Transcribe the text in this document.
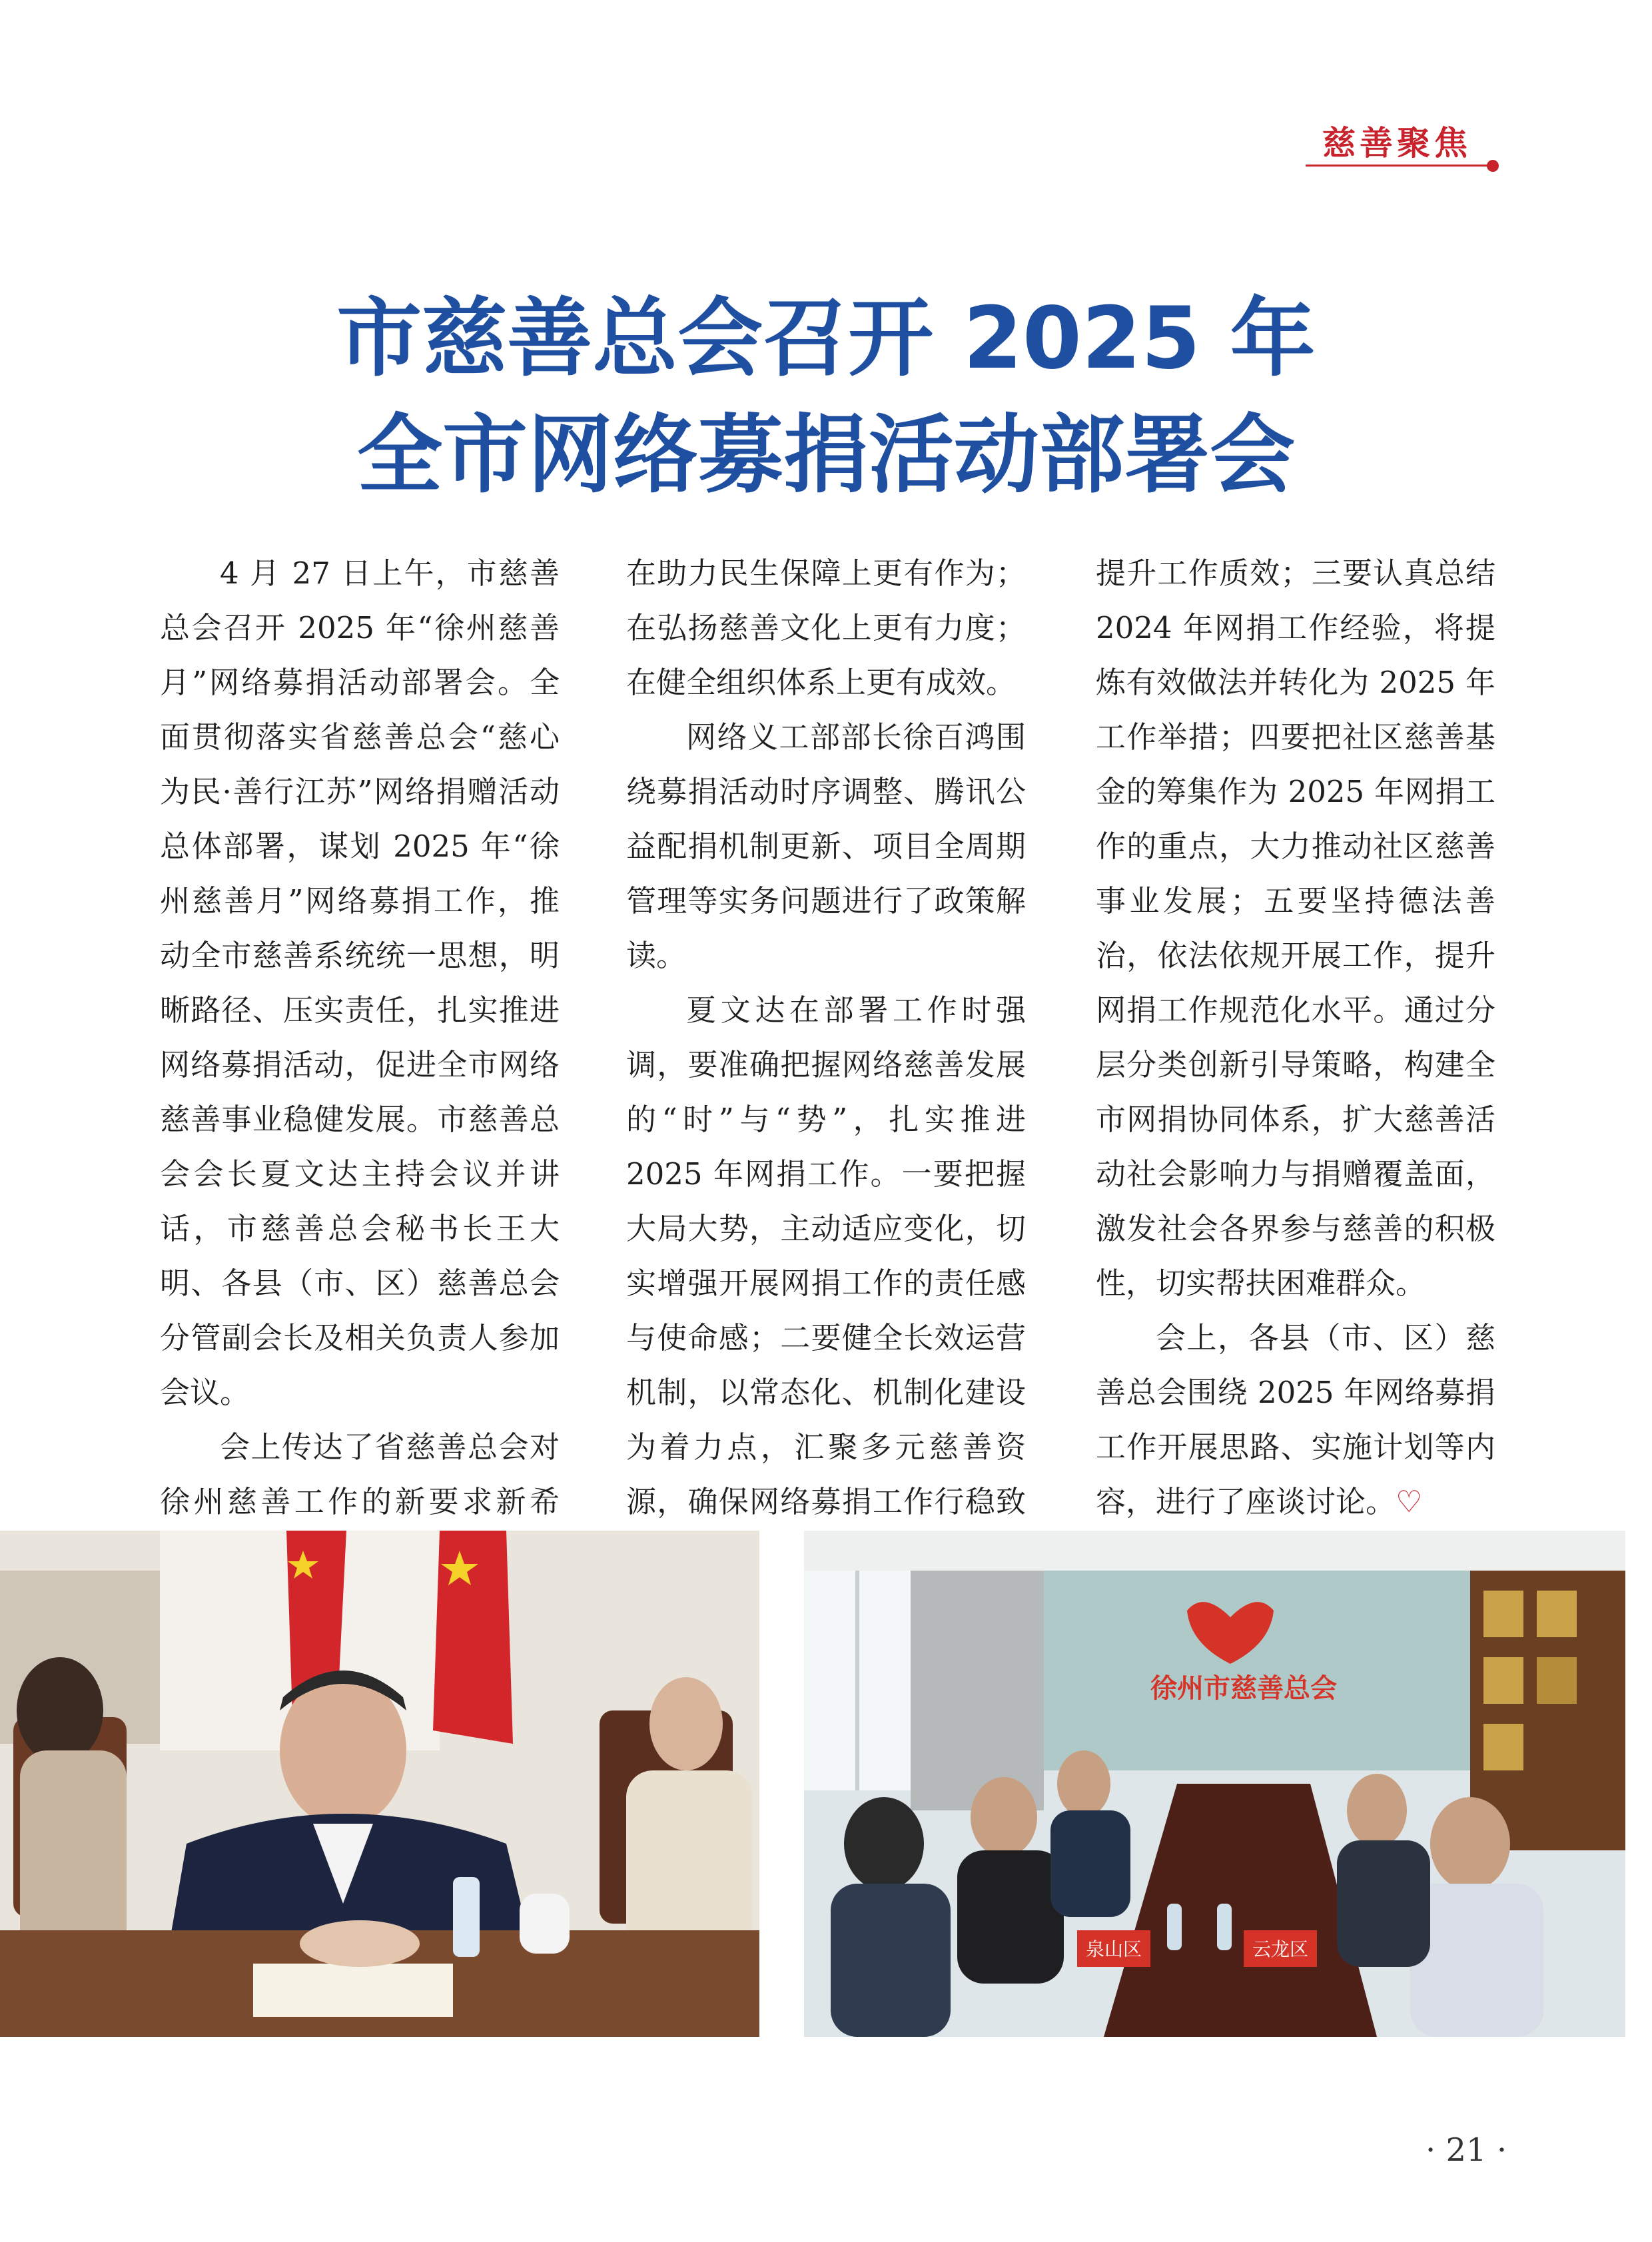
慈善聚焦
市慈善总会召开 2025 年
全市网络募捐活动部署会

4 月 27 日上午，市慈善总会召开 2025 年“徐州慈善月”网络募捐活动部署会。全面贯彻落实省慈善总会“慈心为民·善行江苏”网络捐赠活动总体部署，谋划 2025 年“徐州慈善月”网络募捐工作，推动全市慈善系统统一思想，明晰路径、压实责任，扎实推进网络募捐活动，促进全市网络慈善事业稳健发展。市慈善总会会长夏文达主持会议并讲话，市慈善总会秘书长王大明、各县（市、区）慈善总会分管副会长及相关负责人参加会议。

会上传达了省慈善总会对徐州慈善工作的新要求新希

在助力民生保障上更有作为；在弘扬慈善文化上更有力度；在健全组织体系上更有成效。

网络义工部部长徐百鸿围绕募捐活动时序调整、腾讯公益配捐机制更新、项目全周期管理等实务问题进行了政策解读。

夏文达在部署工作时强调，要准确把握网络慈善发展的“时”与“势”，扎实推进 2025 年网捐工作。一要把握大局大势，主动适应变化，切实增强开展网捐工作的责任感与使命感；二要健全长效运营机制，以常态化、机制化建设为着力点，汇聚多元慈善资源，确保网络募捐工作行稳致

提升工作质效；三要认真总结 2024 年网捐工作经验，将提炼有效做法并转化为 2025 年工作举措；四要把社区慈善基金的筹集作为 2025 年网捐工作的重点，大力推动社区慈善事业发展；五要坚持德法善治，依法依规开展工作，提升网捐工作规范化水平。通过分层分类创新引导策略，构建全市网捐协同体系，扩大慈善活动社会影响力与捐赠覆盖面，激发社会各界参与慈善的积极性，切实帮扶困难群众。

会上，各县（市、区）慈善总会围绕 2025 年网络募捐工作开展思路、实施计划等内容，进行了座谈讨论。♡

徐州市慈善总会
泉山区	云龙区
· 21 ·
